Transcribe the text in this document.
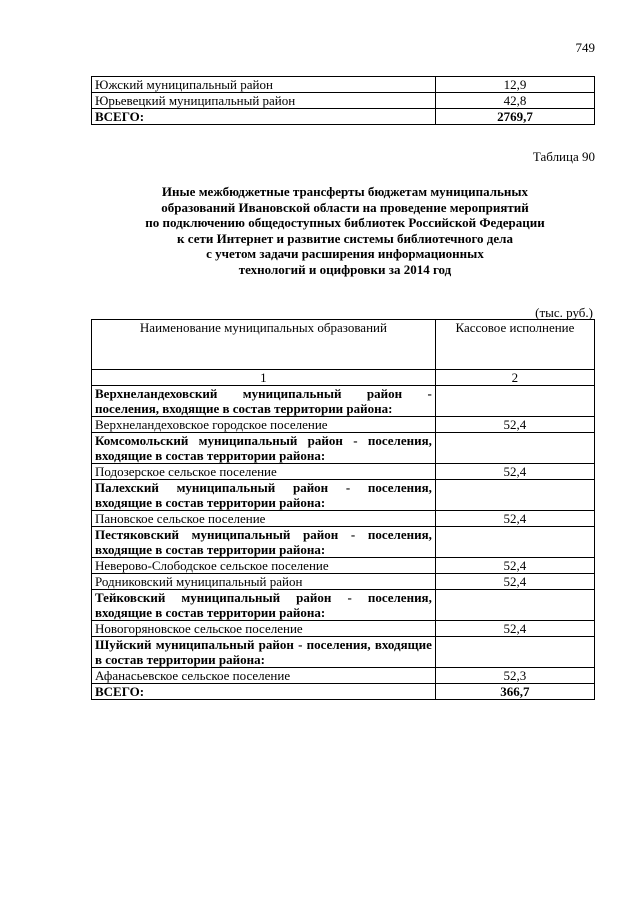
749
Южский муниципальный район	12,9
Юрьевецкий муниципальный район	42,8
ВСЕГО:	2769,7
Таблица 90
Иные межбюджетные трансферты бюджетам муниципальных
образований Ивановской области на проведение мероприятий
по подключению общедоступных библиотек Российской Федерации
к сети Интернет и развитие системы библиотечного дела
с учетом задачи расширения информационных
технологий и оцифровки за 2014 год
(тыс. руб.)
Наименование муниципальных образований	Кассовое исполнение
1	2
Верхнеландеховский муниципальный район - поселения, входящие в состав территории района:	
Верхнеландеховское городское поселение	52,4
Комсомольский муниципальный район - поселения, входящие в состав территории района:	
Подозерское сельское поселение	52,4
Палехский муниципальный район - поселения, входящие в состав территории района:	
Пановское сельское поселение	52,4
Пестяковский муниципальный район - поселения, входящие в состав территории района:	
Неверово-Слободское сельское поселение	52,4
Родниковский муниципальный район	52,4
Тейковский муниципальный район - поселения, входящие в состав территории района:	
Новогоряновское сельское поселение	52,4
Шуйский муниципальный район - поселения, входящие в состав территории района:	
Афанасьевское сельское поселение	52,3
ВСЕГО:	366,7
